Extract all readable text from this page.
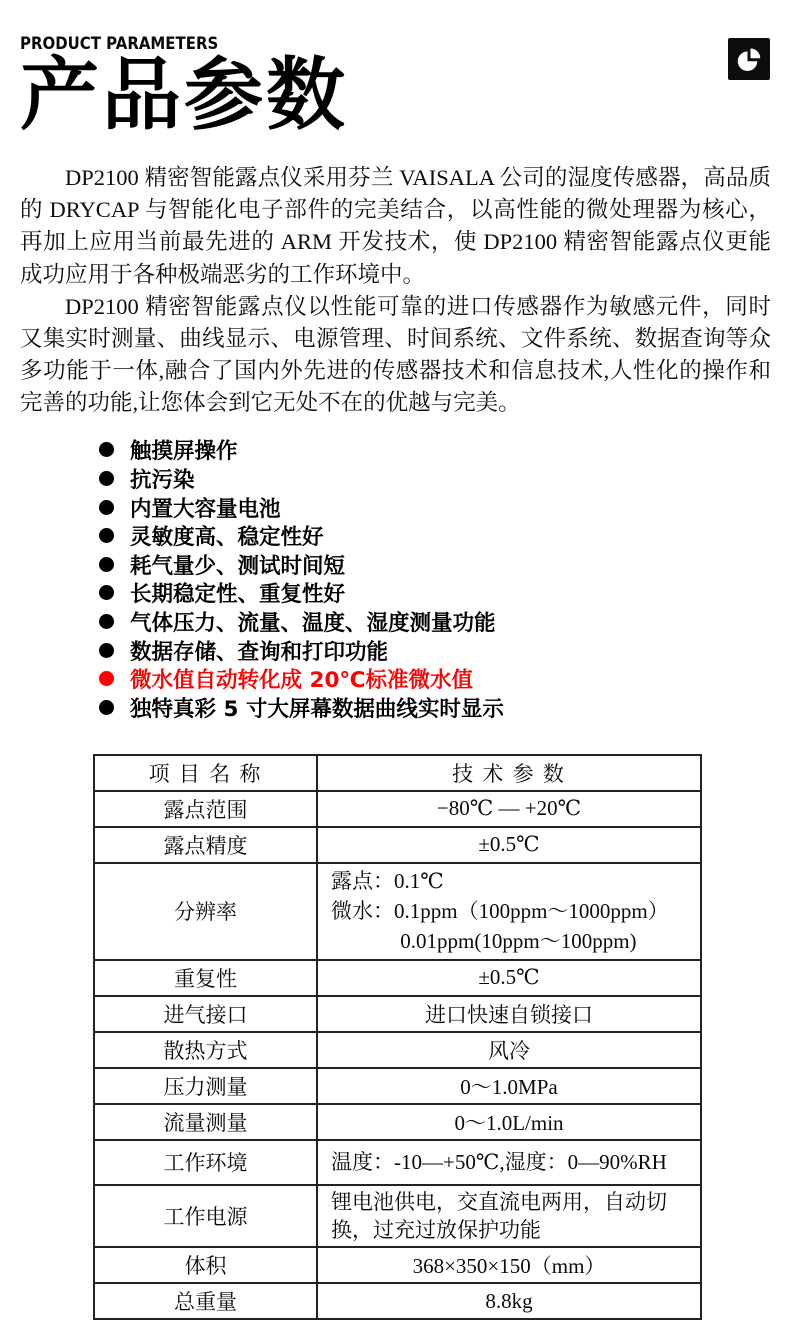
PRODUCT PARAMETERS
产品参数

DP2100 精密智能露点仪采用芬兰 VAISALA 公司的湿度传感器，高品质的 DRYCAP 与智能化电子部件的完美结合，以高性能的微处理器为核心，再加上应用当前最先进的 ARM 开发技术，使 DP2100 精密智能露点仪更能成功应用于各种极端恶劣的工作环境中。

DP2100 精密智能露点仪以性能可靠的进口传感器作为敏感元件，同时又集实时测量、曲线显示、电源管理、时间系统、文件系统、数据查询等众多功能于一体,融合了国内外先进的传感器技术和信息技术,人性化的操作和完善的功能,让您体会到它无处不在的优越与完美。

触摸屏操作
抗污染
内置大容量电池
灵敏度高、稳定性好
耗气量少、测试时间短
长期稳定性、重复性好
气体压力、流量、温度、湿度测量功能
数据存储、查询和打印功能
微水值自动转化成 20℃标准微水值
独特真彩 5 寸大屏幕数据曲线实时显示
项 目 名 称	技 术 参 数
露点范围	−80℃ — +20℃
露点精度	±0.5℃
分辨率	露点：0.1℃
微水：0.1ppm（100ppm～1000ppm）
0.01ppm(10ppm～100ppm)

重复性	±0.5℃
进气接口	进口快速自锁接口
散热方式	风冷
压力测量	0～1.0MPa
流量测量	0～1.0L/min
工作环境	温度：-10—+50℃,湿度：0—90%RH
工作电源	锂电池供电，交直流电两用，自动切换，过充过放保护功能
体积	368×350×150（mm）
总重量	8.8kg
